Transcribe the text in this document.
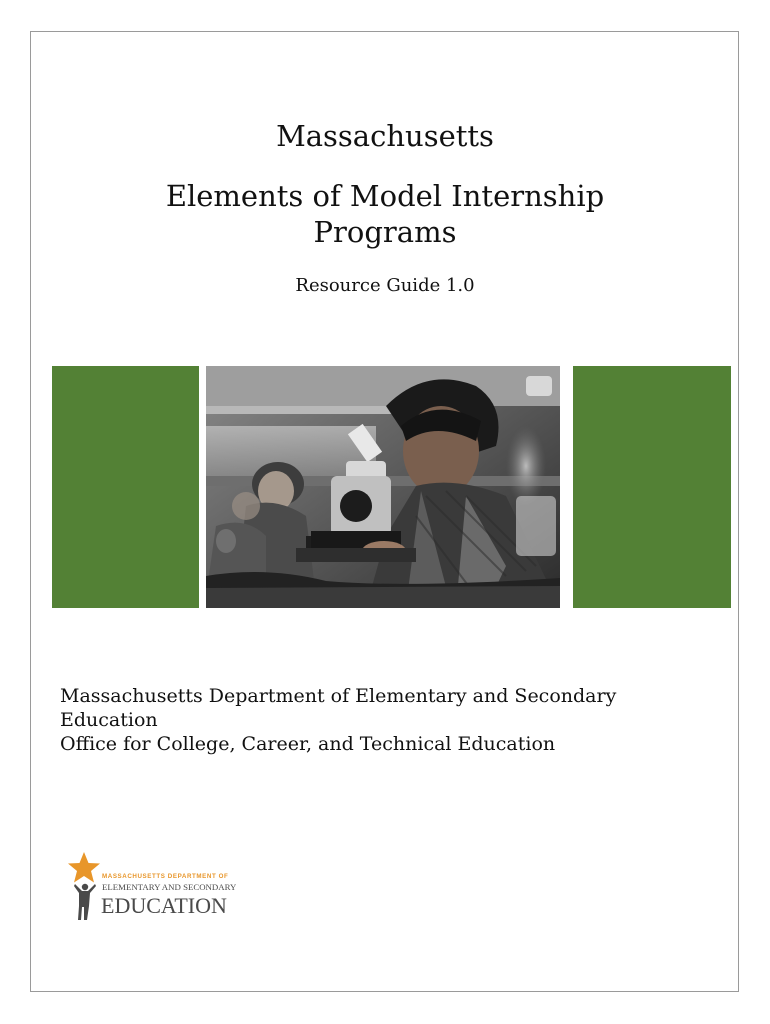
Massachusetts
Elements of Model Internship
Programs

Resource Guide 1.0

Massachusetts Department of Elementary and Secondary
Education
Office for College, Career, and Technical Education
MASSACHUSETTS DEPARTMENT OF
ELEMENTARY AND SECONDARY
EDUCATION
